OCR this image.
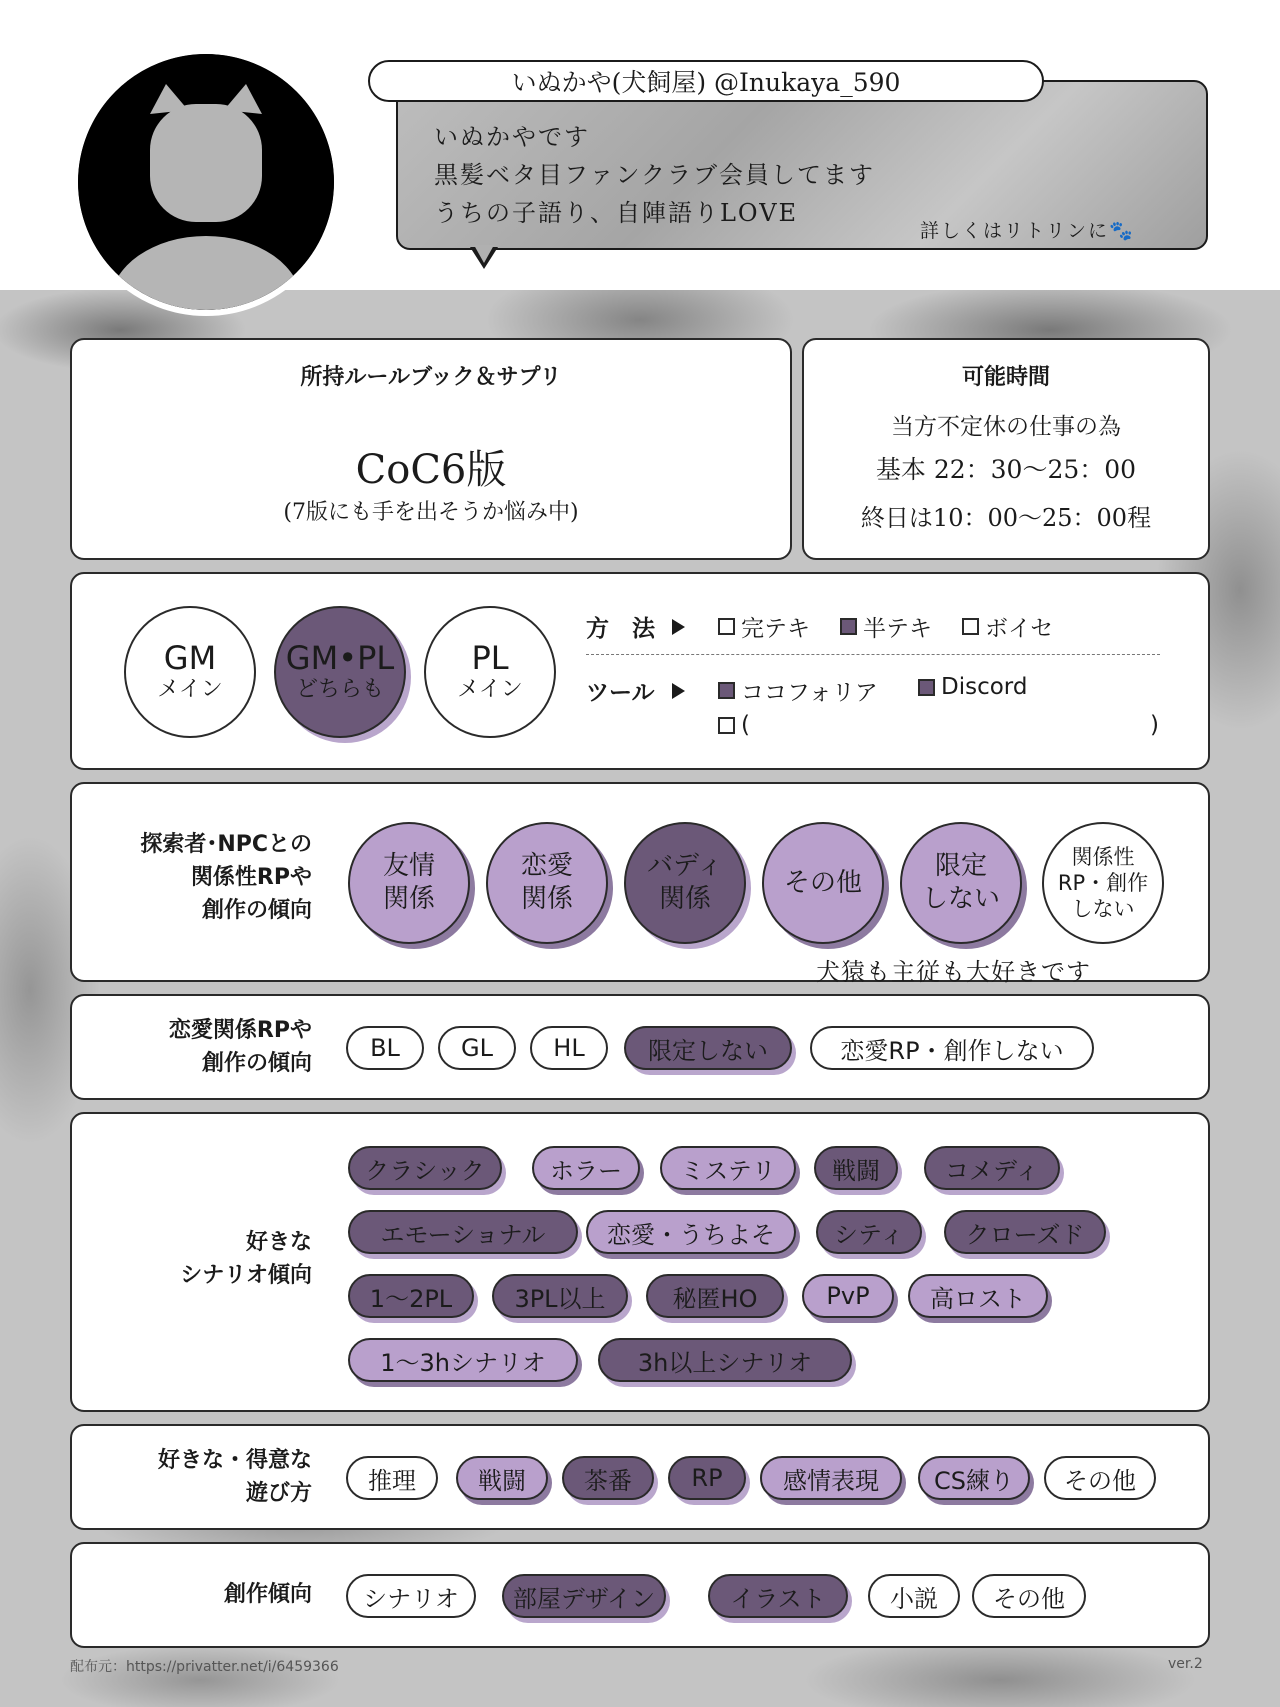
いぬかや(犬飼屋) @Inukaya_590
いぬかやです
黒髪ベタ目ファンクラブ会員してます
うちの子語り、自陣語りLOVE
詳しくはリトリンに🐾
所持ルールブック＆サプリ
CoC6版
(7版にも手を出そうか悩み中)
可能時間
当方不定休の仕事の為
基本 22：30〜25：00
終日は10：00〜25：00程
GM
メイン
GM•PL
どちらも
PL
メイン
方　法	完テキ 半テキ ボイセ
ツール	ココフォリア	Discord
(	)
探索者･NPCとの
関係性RPや
創作の傾向
友情
関係
恋愛
関係
バディ
関係
その他
限定
しない
関係性
RP・創作
しない
犬猿も主従も大好きです
恋愛関係RPや
創作の傾向
BL	GL	HL	限定しない	恋愛RP・創作しない
好きな
シナリオ傾向
クラシック	ホラー	ミステリ	戦闘	コメディ
エモーショナル	恋愛・うちよそ	シティ	クローズド
1〜2PL	3PL以上	秘匿HO	PvP	高ロスト
1〜3hシナリオ	3h以上シナリオ
好きな・得意な
遊び方	推理	戦闘	茶番	RP	感情表現	CS練り	その他
創作傾向	シナリオ	部屋デザイン	イラスト	小説	その他
配布元：https://privatter.net/i/6459366	ver.2
